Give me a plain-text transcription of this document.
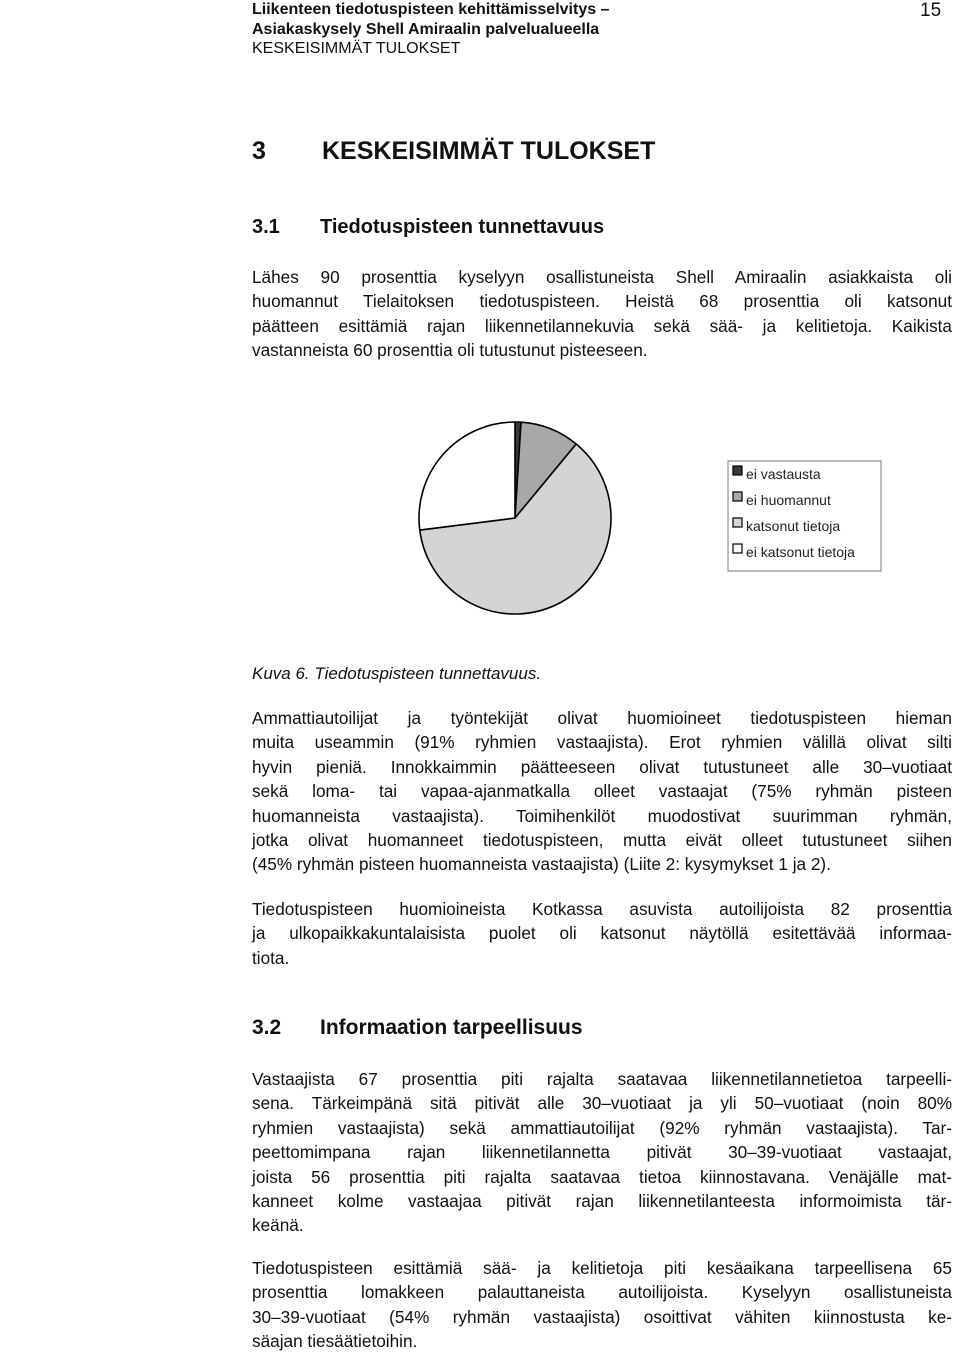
Liikenteen tiedotuspisteen kehittämisselvitys –
Asiakaskysely Shell Amiraalin palvelualueella
KESKEISIMMÄT TULOKSET
15
3 KESKEISIMMÄT TULOKSET
3.1 Tiedotuspisteen tunnettavuus
Lähes 90 prosenttia kyselyyn osallistuneista Shell Amiraalin asiakkaista oli
huomannut Tielaitoksen tiedotuspisteen. Heistä 68 prosenttia oli katsonut
päätteen esittämiä rajan liikennetilannekuvia sekä sää- ja kelitietoja. Kaikista
vastanneista 60 prosenttia oli tutustunut pisteeseen.
ei vastausta
ei huomannut
katsonut tietoja
ei katsonut tietoja
Kuva 6. Tiedotuspisteen tunnettavuus.
Ammattiautoilijat ja työntekijät olivat huomioineet tiedotuspisteen hieman
muita useammin (91% ryhmien vastaajista). Erot ryhmien välillä olivat silti
hyvin pieniä. Innokkaimmin päätteeseen olivat tutustuneet alle 30–vuotiaat
sekä loma- tai vapaa-ajanmatkalla olleet vastaajat (75% ryhmän pisteen
huomanneista vastaajista). Toimihenkilöt muodostivat suurimman ryhmän,
jotka olivat huomanneet tiedotuspisteen, mutta eivät olleet tutustuneet siihen
(45% ryhmän pisteen huomanneista vastaajista) (Liite 2: kysymykset 1 ja 2).
Tiedotuspisteen huomioineista Kotkassa asuvista autoilijoista 82 prosenttia
ja ulkopaikkakuntalaisista puolet oli katsonut näytöllä esitettävää informaa-
tiota.
3.2 Informaation tarpeellisuus
Vastaajista 67 prosenttia piti rajalta saatavaa liikennetilannetietoa tarpeelli-
sena. Tärkeimpänä sitä pitivät alle 30–vuotiaat ja yli 50–vuotiaat (noin 80%
ryhmien vastaajista) sekä ammattiautoilijat (92% ryhmän vastaajista). Tar-
peettomimpana rajan liikennetilannetta pitivät 30–39-vuotiaat vastaajat,
joista 56 prosenttia piti rajalta saatavaa tietoa kiinnostavana. Venäjälle mat-
kanneet kolme vastaajaa pitivät rajan liikennetilanteesta informoimista tär-
keänä.
Tiedotuspisteen esittämiä sää- ja kelitietoja piti kesäaikana tarpeellisena 65
prosenttia lomakkeen palauttaneista autoilijoista. Kyselyyn osallistuneista
30–39-vuotiaat (54% ryhmän vastaajista) osoittivat vähiten kiinnostusta ke-
säajan tiesäätietoihin.
